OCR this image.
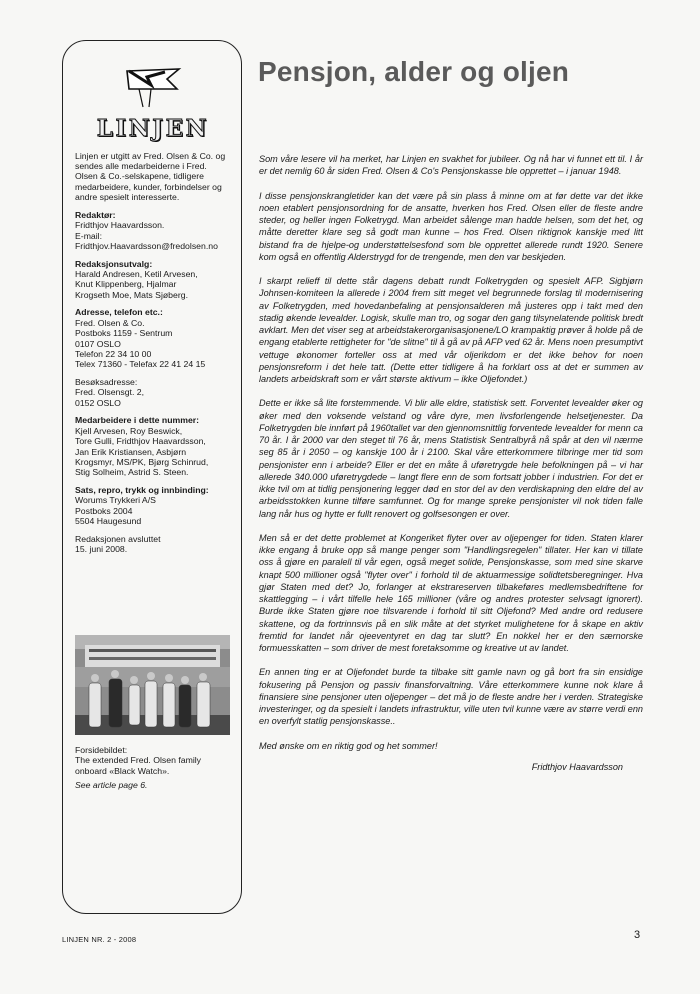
LINJEN
Linjen er utgitt av Fred. Olsen & Co. og sendes alle medarbeiderne i Fred. Olsen & Co.-selskapene, tidligere medarbeidere, kunder, forbindelser og andre spesielt interesserte.
Redaktør:
Fridthjov Haavardsson.
E-mail:
Fridthjov.Haavardsson@fredolsen.no
Redaksjonsutvalg:
Harald Andresen, Ketil Arvesen,
Knut Klippenberg, Hjalmar
Krogseth Moe, Mats Sjøberg.
Adresse, telefon etc.:
Fred. Olsen & Co.
Postboks 1159 - Sentrum
0107 OSLO
Telefon 22 34 10 00
Telex 71360 - Telefax 22 41 24 15
Besøksadresse:
Fred. Olsensgt. 2,
0152 OSLO
Medarbeidere i dette nummer:
Kjell Arvesen, Roy Beswick,
Tore Gulli, Fridthjov Haavardsson,
Jan Erik Kristiansen, Asbjørn
Krogsmyr, MS/PK, Bjørg Schinrud,
Stig Solheim, Astrid S. Steen.
Sats, repro, trykk og innbinding:
Worums Trykkeri A/S
Postboks 2004
5504 Haugesund
Redaksjonen avsluttet
15. juni 2008.
Forsidebildet:
The extended Fred. Olsen family
onboard «Black Watch».
See article page 6.
Pensjon, alder og oljen

Som våre lesere vil ha merket, har Linjen en svakhet for jubileer. Og nå har vi funnet ett til. I år er det nemlig 60 år siden Fred. Olsen & Co's Pensjonskasse ble opprettet – i januar 1948.

I disse pensjonskrangletider kan det være på sin plass å minne om at før dette var det ikke noen etablert pensjonsordning for de ansatte, hverken hos Fred. Olsen eller de fleste andre steder, og heller ingen Folketrygd. Man arbeidet sålenge man hadde helsen, som det het, og måtte deretter klare seg så godt man kunne – hos Fred. Olsen riktignok kanskje med litt bistand fra de hjelpe-og understøttelsesfond som ble opprettet allerede rundt 1920. Senere kom også en offentlig Alderstrygd for de trengende, men den var beskjeden.

I skarpt relieff til dette står dagens debatt rundt Folketrygden og spesielt AFP. Sigbjørn Johnsen-komiteen la allerede i 2004 frem sitt meget vel begrunnede forslag til modernisering av Folketrygden, med hovedanbefaling at pensjonsalderen må justeres opp i takt med den stadig økende levealder. Logisk, skulle man tro, og sogar den gang tilsynelatende politisk bredt avklart. Men det viser seg at arbeidstakerorganisasjonene/LO krampaktig prøver å holde på de engang etablerte rettigheter for "de slitne" til å gå av på AFP ved 62 år. Mens noen presumptivt vettuge økonomer forteller oss at med vår oljerikdom er det ikke behov for noen pensjonsreform i det hele tatt. (Dette etter tidligere å ha forklart oss at det er summen av landets arbeidskraft som er vårt største aktivum – ikke Oljefondet.)

Dette er ikke så lite forstemmende. Vi blir alle eldre, statistisk sett. Forventet levealder øker og øker med den voksende velstand og våre dyre, men livsforlengende helsetjenester. Da Folketrygden ble innført på 1960tallet var den gjennomsnittlig forventede levealder for menn ca 70 år. I år 2000 var den steget til 76 år, mens Statistisk Sentralbyrå nå spår at den vil nærme seg 85 år i 2050 – og kanskje 100 år i 2100. Skal våre etterkommere tilbringe mer tid som pensjonister enn i arbeide? Eller er det en måte å uføretrygde hele befolkningen på – vi har allerede 340.000 uføretrygdede – langt flere enn de som fortsatt jobber i industrien. For det er ikke tvil om at tidlig pensjonering legger død en stor del av den verdiskapning den eldre del av arbeidsstokken kunne tilføre samfunnet. Og for mange spreke pensjonister vil nok tiden falle lang når hus og hytte er fullt renovert og golfsesongen er over.

Men så er det dette problemet at Kongeriket flyter over av oljepenger for tiden. Staten klarer ikke engang å bruke opp så mange penger som "Handlingsregelen" tillater. Her kan vi tillate oss å gjøre en paralell til vår egen, også meget solide, Pensjonskasse, som med sine skarve knapt 500 millioner også "flyter over" i forhold til de aktuarmessige solidtetsberegninger. Hva gjør Staten med det? Jo, forlanger at ekstrareserven tilbakeføres medlemsbedriftene for skattlegging – i vårt tilfelle hele 165 millioner (våre og andres protester selvsagt ignorert). Burde ikke Staten gjøre noe tilsvarende i forhold til sitt Oljefond? Med andre ord redusere skattene, og da fortrinnsvis på en slik måte at det styrket mulighetene for å skape en aktiv fremtid for landet når ojeeventyret en dag tar slutt? En nokkel her er den særnorske formuesskatten – som driver de mest foretaksomme og kreative ut av landet.

En annen ting er at Oljefondet burde ta tilbake sitt gamle navn og gå bort fra sin ensidige fokusering på Pensjon og passiv finansforvaltning. Våre etterkommere kunne nok klare å finansiere sine pensjoner uten oljepenger – det må jo de fleste andre her i verden. Strategiske investeringer, og da spesielt i landets infrastruktur, ville uten tvil kunne være av større verdi enn en overfylt statlig pensjonskasse..

Med ønske om en riktig god og het sommer!

Fridthjov Haavardsson
LINJEN NR. 2 - 2008	3
